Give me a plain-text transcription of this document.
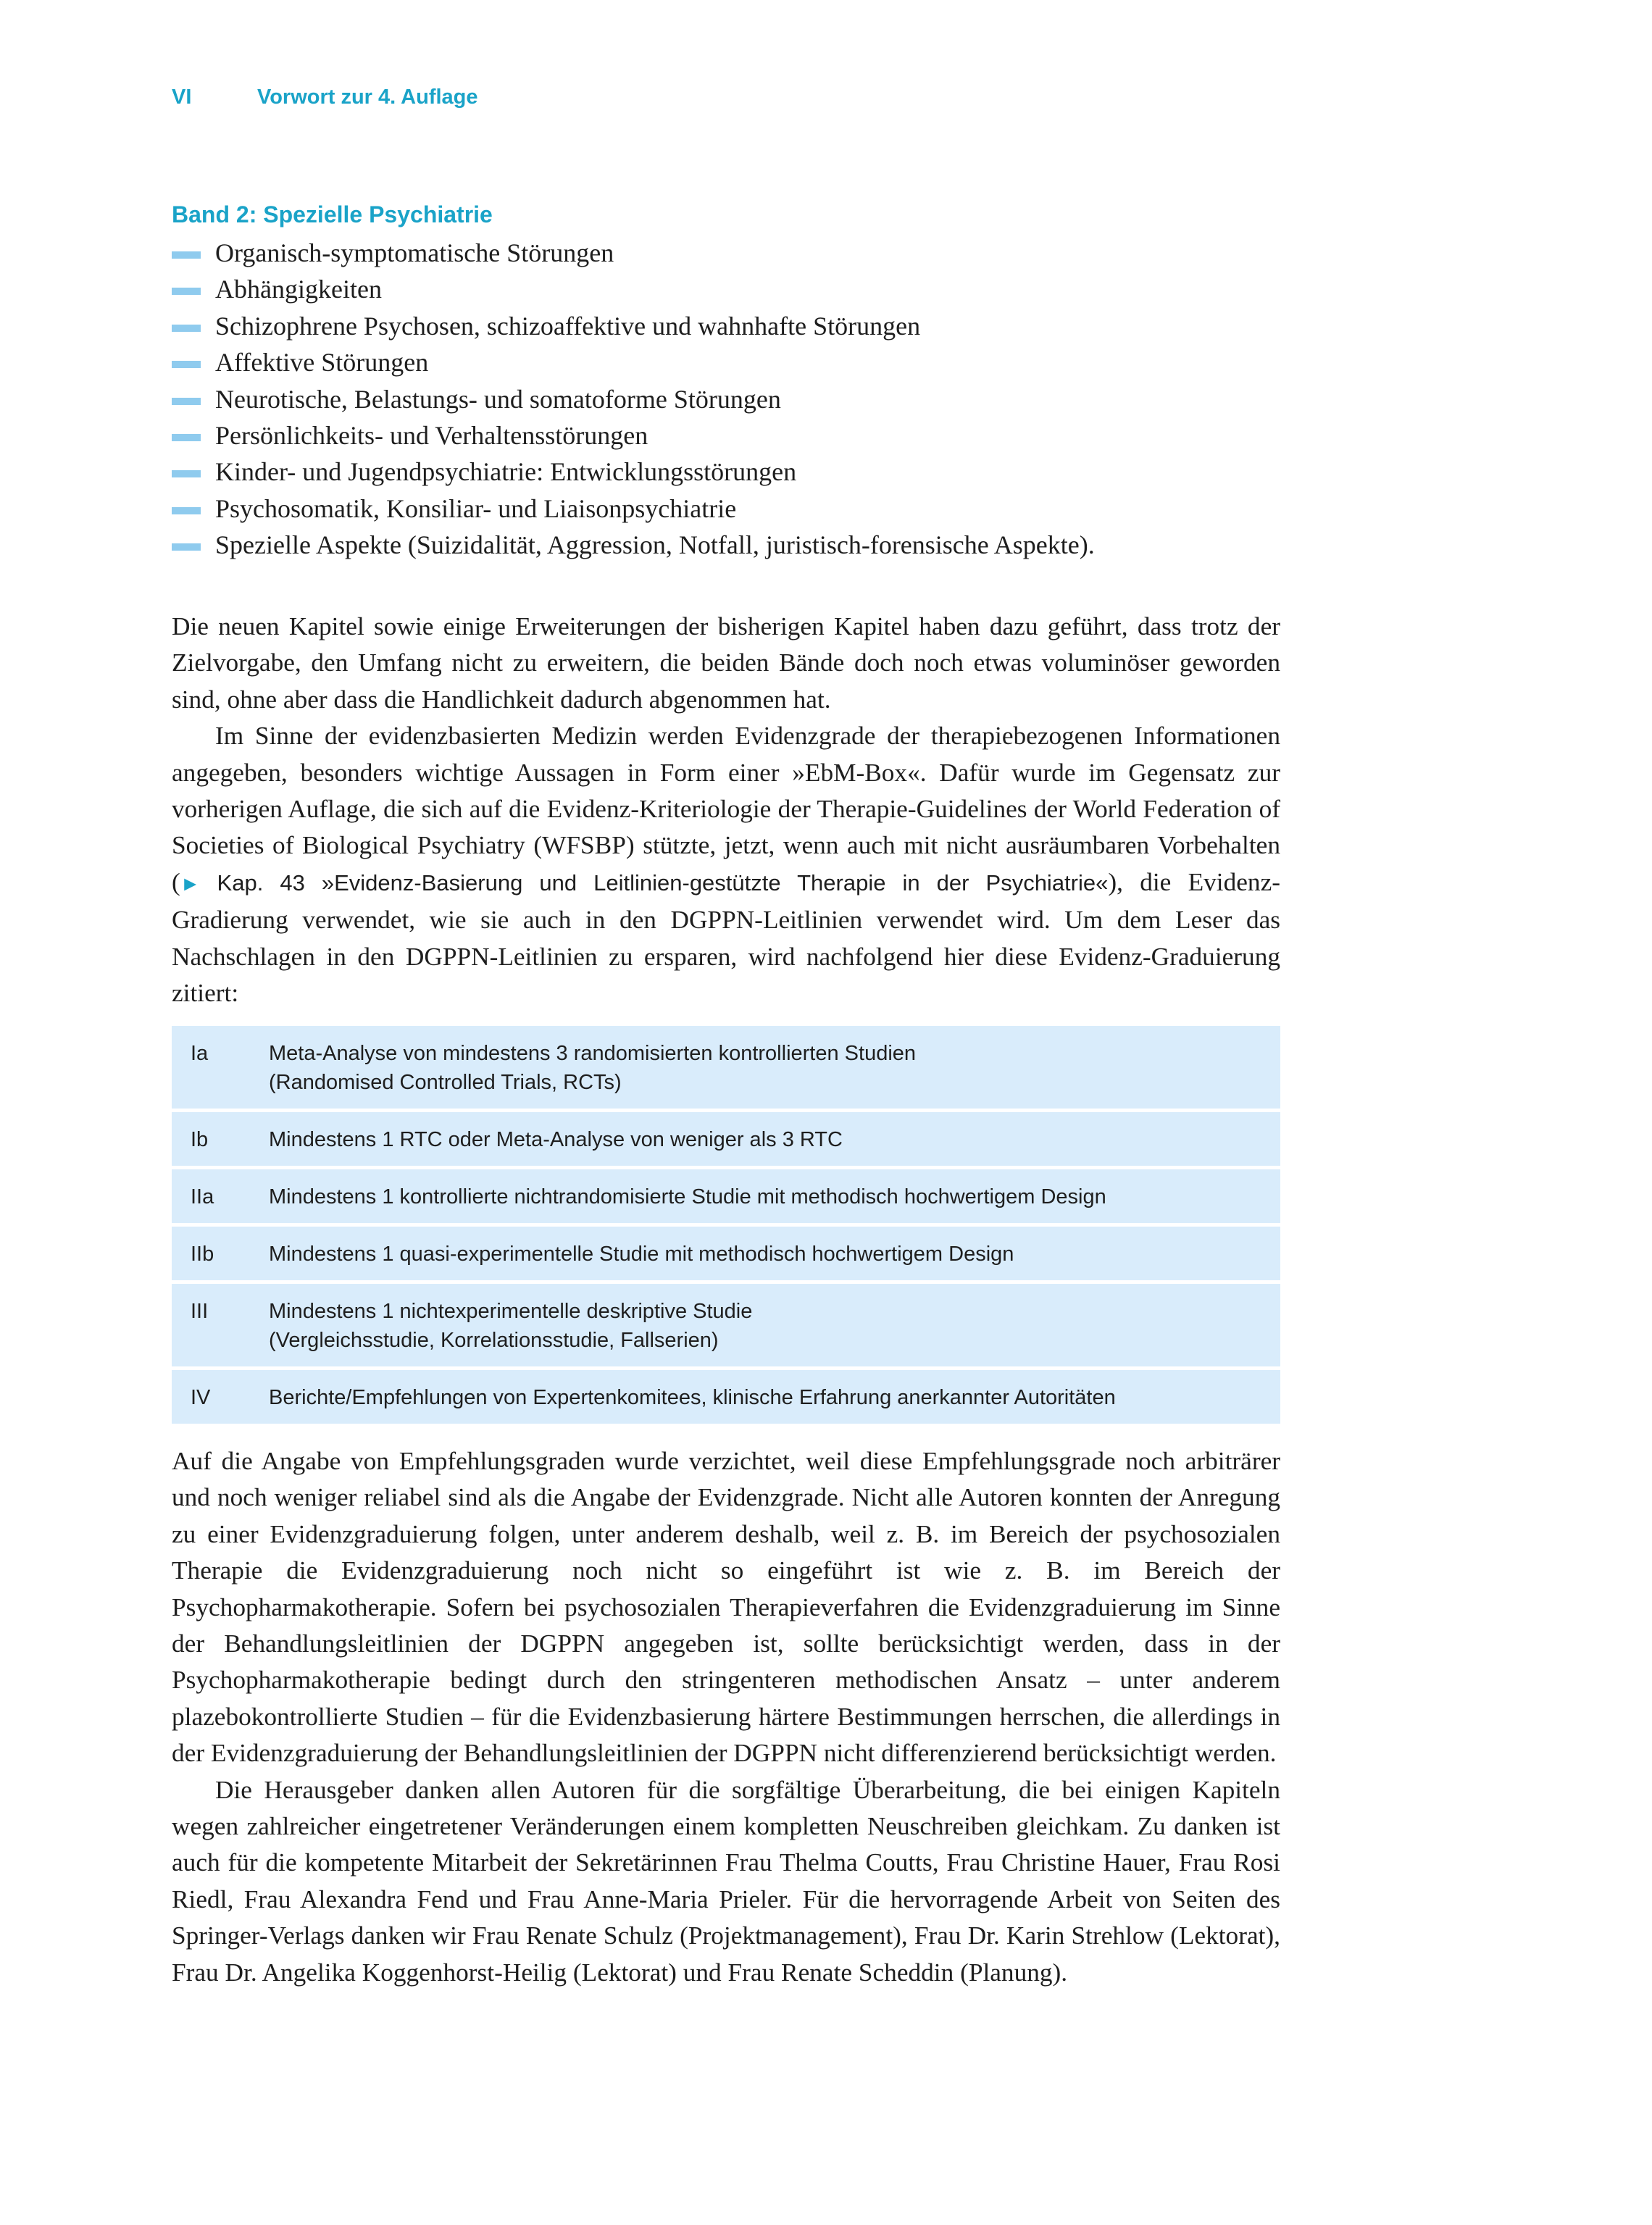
VI	Vorwort zur 4. Auflage
Band 2: Spezielle Psychiatrie
Organisch-symptomatische Störungen
Abhängigkeiten
Schizophrene Psychosen, schizoaffektive und wahnhafte Störungen
Affektive Störungen
Neurotische, Belastungs- und somatoforme Störungen
Persönlichkeits- und Verhaltensstörungen
Kinder- und Jugendpsychiatrie: Entwicklungsstörungen
Psychosomatik, Konsiliar- und Liaisonpsychiatrie
Spezielle Aspekte (Suizidalität, Aggression, Notfall, juristisch-forensische Aspekte).

Die neuen Kapitel sowie einige Erweiterungen der bisherigen Kapitel haben dazu geführt, dass trotz der Zielvorgabe, den Umfang nicht zu erweitern, die beiden Bände doch noch etwas voluminöser geworden sind, ohne aber dass die Handlichkeit dadurch abgenommen hat.

Im Sinne der evidenzbasierten Medizin werden Evidenzgrade der therapiebezogenen Informationen angegeben, besonders wichtige Aussagen in Form einer »EbM-Box«. Dafür wurde im Gegensatz zur vorherigen Auflage, die sich auf die Evidenz-Kriteriologie der Therapie-Guidelines der World Federation of Societies of Biological Psychiatry (WFSBP) stützte, jetzt, wenn auch mit nicht ausräumbaren Vorbehalten (► Kap. 43 »Evidenz-Basierung und Leitlinien-gestützte Therapie in der Psychiatrie«), die Evidenz-Gradierung verwendet, wie sie auch in den DGPPN-Leitlinien verwendet wird. Um dem Leser das Nachschlagen in den DGPPN-Leitlinien zu ersparen, wird nachfolgend hier diese Evidenz-Graduierung zitiert:

Ia	Meta-Analyse von mindestens 3 randomisierten kontrollierten Studien
(Randomised Controlled Trials, RCTs)

Ib	Mindestens 1 RTC oder Meta-Analyse von weniger als 3 RTC

IIa	Mindestens 1 kontrollierte nichtrandomisierte Studie mit methodisch hochwertigem Design

IIb	Mindestens 1 quasi-experimentelle Studie mit methodisch hochwertigem Design

III	Mindestens 1 nichtexperimentelle deskriptive Studie
(Vergleichsstudie, Korrelationsstudie, Fallserien)

IV	Berichte/Empfehlungen von Expertenkomitees, klinische Erfahrung anerkannter Autoritäten

Auf die Angabe von Empfehlungsgraden wurde verzichtet, weil diese Empfehlungsgrade noch arbiträrer und noch weniger reliabel sind als die Angabe der Evidenzgrade. Nicht alle Autoren konnten der Anregung zu einer Evidenzgraduierung folgen, unter anderem deshalb, weil z. B. im Bereich der psychosozialen Therapie die Evidenzgraduierung noch nicht so eingeführt ist wie z. B. im Bereich der Psychopharmakotherapie. Sofern bei psychosozialen Therapieverfahren die Evidenzgraduierung im Sinne der Behandlungsleitlinien der DGPPN angegeben ist, sollte berücksichtigt werden, dass in der Psychopharmakotherapie bedingt durch den stringenteren methodischen Ansatz – unter anderem plazebokontrollierte Studien – für die Evidenzbasierung härtere Bestimmungen herrschen, die allerdings in der Evidenzgraduierung der Behandlungsleitlinien der DGPPN nicht differenzierend berücksichtigt werden.

Die Herausgeber danken allen Autoren für die sorgfältige Überarbeitung, die bei einigen Kapiteln wegen zahlreicher eingetretener Veränderungen einem kompletten Neuschreiben gleichkam. Zu danken ist auch für die kompetente Mitarbeit der Sekretärinnen Frau Thelma Coutts, Frau Christine Hauer, Frau Rosi Riedl, Frau Alexandra Fend und Frau Anne-Maria Prieler. Für die hervorragende Arbeit von Seiten des Springer-Verlags danken wir Frau Renate Schulz (Projektmanagement), Frau Dr. Karin Strehlow (Lektorat), Frau Dr. Angelika Koggenhorst-Heilig (Lektorat) und Frau Renate Scheddin (Planung).
